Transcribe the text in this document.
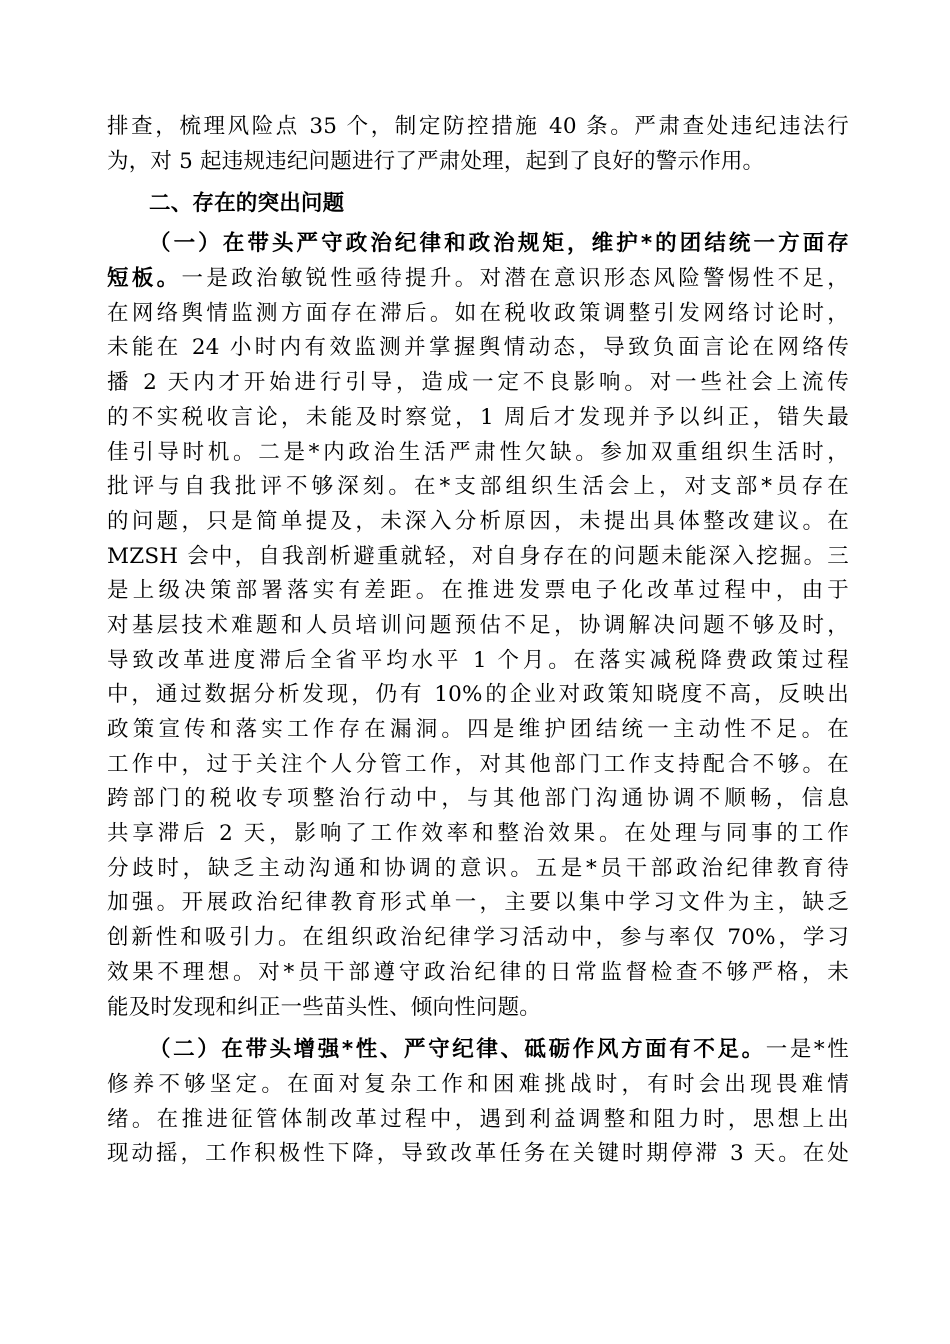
排查，梳理风险点 35 个，制定防控措施 40 条。严肃查处违纪违法行
为，对 5 起违规违纪问题进行了严肃处理，起到了良好的警示作用。
二、存在的突出问题
（一）在带头严守政治纪律和政治规矩，维护*的团结统一方面存
短板。一是政治敏锐性亟待提升。对潜在意识形态风险警惕性不足，
在网络舆情监测方面存在滞后。如在税收政策调整引发网络讨论时，
未能在 24 小时内有效监测并掌握舆情动态，导致负面言论在网络传
播 2 天内才开始进行引导，造成一定不良影响。对一些社会上流传
的不实税收言论，未能及时察觉，1 周后才发现并予以纠正，错失最
佳引导时机。二是*内政治生活严肃性欠缺。参加双重组织生活时，
批评与自我批评不够深刻。在*支部组织生活会上，对支部*员存在
的问题，只是简单提及，未深入分析原因，未提出具体整改建议。在
MZSH 会中，自我剖析避重就轻，对自身存在的问题未能深入挖掘。三
是上级决策部署落实有差距。在推进发票电子化改革过程中，由于
对基层技术难题和人员培训问题预估不足，协调解决问题不够及时，
导致改革进度滞后全省平均水平 1 个月。在落实减税降费政策过程
中，通过数据分析发现，仍有 10%的企业对政策知晓度不高，反映出
政策宣传和落实工作存在漏洞。四是维护团结统一主动性不足。在
工作中，过于关注个人分管工作，对其他部门工作支持配合不够。在
跨部门的税收专项整治行动中，与其他部门沟通协调不顺畅，信息
共享滞后 2 天，影响了工作效率和整治效果。在处理与同事的工作
分歧时，缺乏主动沟通和协调的意识。五是*员干部政治纪律教育待
加强。开展政治纪律教育形式单一，主要以集中学习文件为主，缺乏
创新性和吸引力。在组织政治纪律学习活动中，参与率仅 70%，学习
效果不理想。对*员干部遵守政治纪律的日常监督检查不够严格，未
能及时发现和纠正一些苗头性、倾向性问题。
（二）在带头增强*性、严守纪律、砥砺作风方面有不足。一是*性
修养不够坚定。在面对复杂工作和困难挑战时，有时会出现畏难情
绪。在推进征管体制改革过程中，遇到利益调整和阻力时，思想上出
现动摇，工作积极性下降，导致改革任务在关键时期停滞 3 天。在处
